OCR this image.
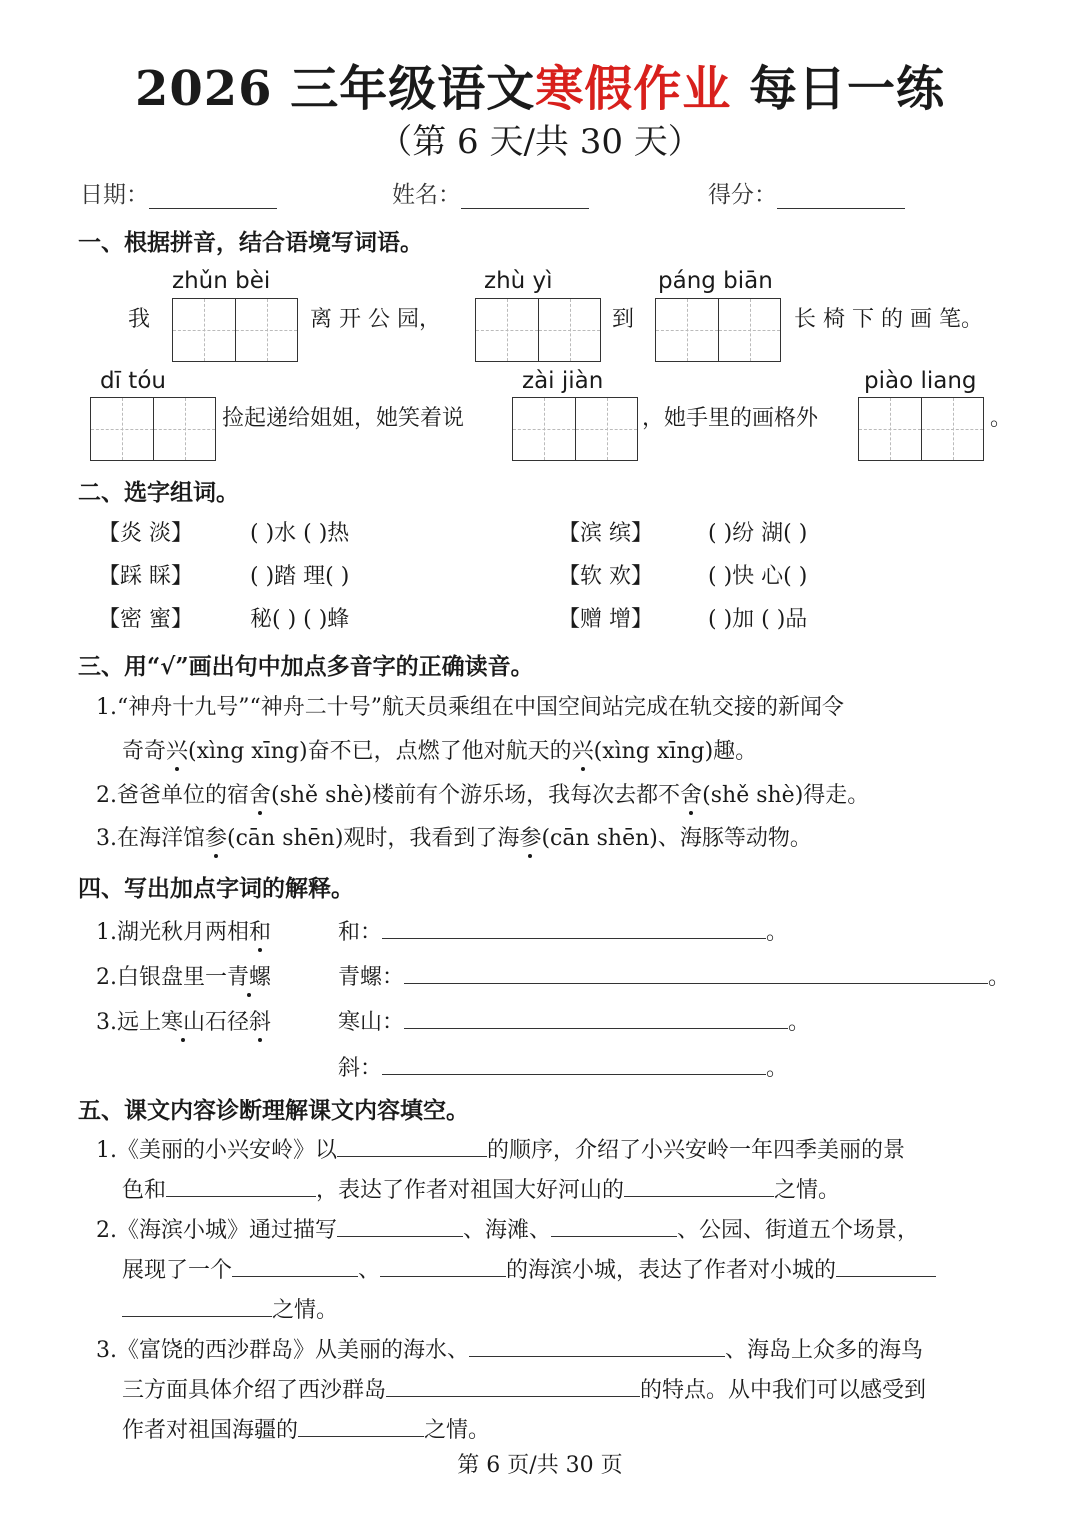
2026 三年级语文寒假作业 每日一练
（第 6 天/共 30 天）
日期：	姓名：	得分：
一、根据拼音，结合语境写词语。
zhǔn bèi	zhù yì	páng biān
我	离 开 公 园，	到	长 椅 下 的 画 笔。
dī tóu	zài jiàn	piào liang
捡起递给姐姐，她笑着说	，她手里的画格外	。
二、选字组词。
【炎 淡】	( )水 ( )热	【滨 缤】	( )纷 湖( )
【踩 睬】	( )踏 理( )	【软 欢】	( )快 心( )
【密 蜜】	秘( ) ( )蜂	【赠 增】	( )加 ( )品
三、用“√”画出句中加点多音字的正确读音。
1.“神舟十九号”“神舟二十号”航天员乘组在中国空间站完成在轨交接的新闻令
奇奇兴(xìng xīng)奋不已，点燃了他对航天的兴(xìng xīng)趣。
2.爸爸单位的宿舍(shě shè)楼前有个游乐场，我每次去都不舍(shě shè)得走。
3.在海洋馆参(cān shēn)观时，我看到了海参(cān shēn)、海豚等动物。
四、写出加点字词的解释。
1.湖光秋月两相和	和：	。
2.白银盘里一青螺	青螺：	。
3.远上寒山石径斜	寒山：	。
斜：	。
五、课文内容诊断理解课文内容填空。
1.《美丽的小兴安岭》以	的顺序，介绍了小兴安岭一年四季美丽的景
色和	，表达了作者对祖国大好河山的	之情。
2.《海滨小城》通过描写	、海滩、	、公园、街道五个场景，
展现了一个	、	的海滨小城，表达了作者对小城的
之情。
3.《富饶的西沙群岛》从美丽的海水、	、海岛上众多的海鸟
三方面具体介绍了西沙群岛	的特点。从中我们可以感受到
作者对祖国海疆的	之情。
第 6 页/共 30 页
